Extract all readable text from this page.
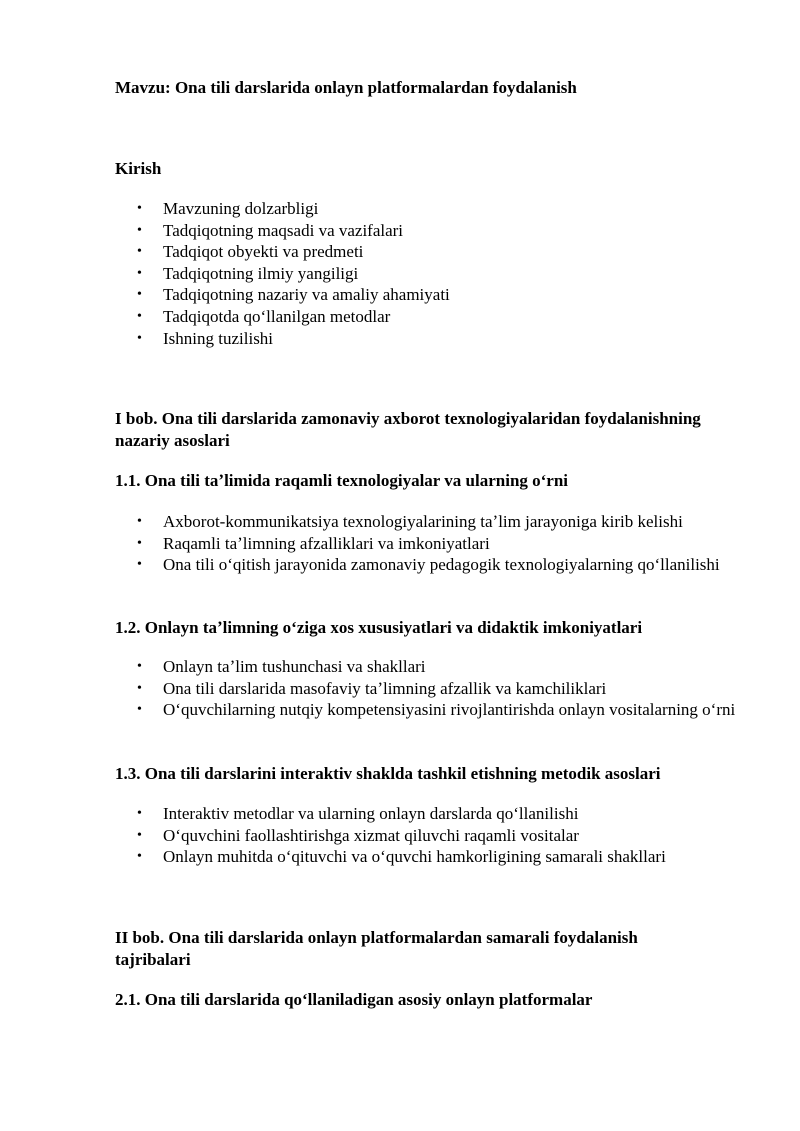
Mavzu: Ona tili darslarida onlayn platformalardan foydalanish
Kirish
• Mavzuning dolzarbligi
• Tadqiqotning maqsadi va vazifalari
• Tadqiqot obyekti va predmeti
• Tadqiqotning ilmiy yangiligi
• Tadqiqotning nazariy va amaliy ahamiyati
• Tadqiqotda qoʻllanilgan metodlar
• Ishning tuzilishi
I bob. Ona tili darslarida zamonaviy axborot texnologiyalaridan foydalanishning nazariy asoslari
1.1. Ona tili taʼlimida raqamli texnologiyalar va ularning oʻrni
• Axborot-kommunikatsiya texnologiyalarining taʼlim jarayoniga kirib kelishi
• Raqamli taʼlimning afzalliklari va imkoniyatlari
• Ona tili oʻqitish jarayonida zamonaviy pedagogik texnologiyalarning qoʻllanilishi
1.2. Onlayn taʼlimning oʻziga xos xususiyatlari va didaktik imkoniyatlari
• Onlayn taʼlim tushunchasi va shakllari
• Ona tili darslarida masofaviy taʼlimning afzallik va kamchiliklari
• Oʻquvchilarning nutqiy kompetensiyasini rivojlantirishda onlayn vositalarning oʻrni
1.3. Ona tili darslarini interaktiv shaklda tashkil etishning metodik asoslari
• Interaktiv metodlar va ularning onlayn darslarda qoʻllanilishi
• Oʻquvchini faollashtirishga xizmat qiluvchi raqamli vositalar
• Onlayn muhitda oʻqituvchi va oʻquvchi hamkorligining samarali shakllari
II bob. Ona tili darslarida onlayn platformalardan samarali foydalanish tajribalari
2.1. Ona tili darslarida qoʻllaniladigan asosiy onlayn platformalar
